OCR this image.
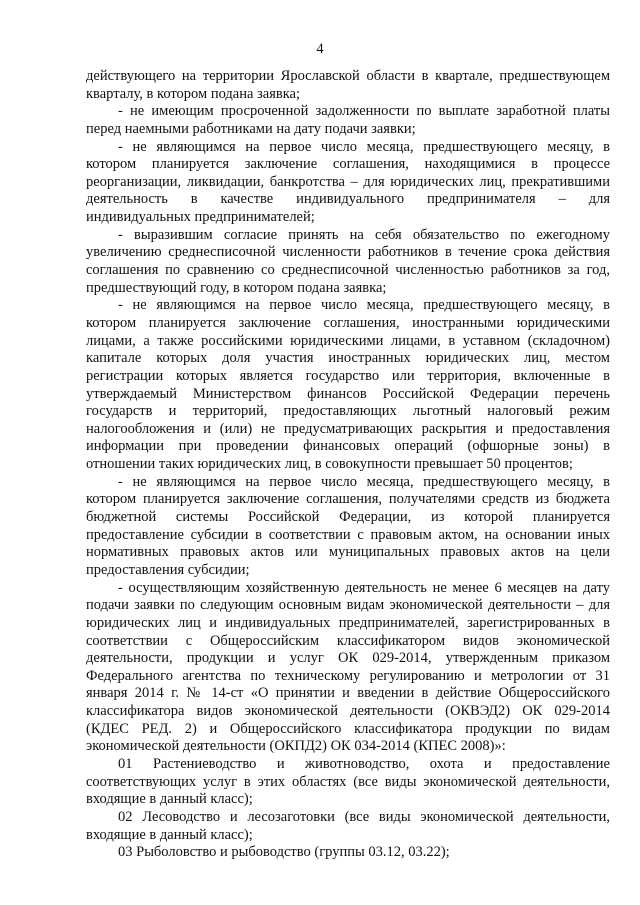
4
действующего на территории Ярославской области в квартале, предшествующем
кварталу, в котором подана заявка;
- не имеющим просроченной задолженности по выплате заработной платы
перед наемными работниками на дату подачи заявки;
- не являющимся на первое число месяца, предшествующего месяцу, в
котором планируется заключение соглашения, находящимися в процессе
реорганизации, ликвидации, банкротства – для юридических лиц, прекратившими
деятельность в качестве индивидуального предпринимателя – для
индивидуальных предпринимателей;
- выразившим согласие принять на себя обязательство по ежегодному
увеличению среднесписочной численности работников в течение срока действия
соглашения по сравнению со среднесписочной численностью работников за год,
предшествующий году, в котором подана заявка;
- не являющимся на первое число месяца, предшествующего месяцу, в
котором планируется заключение соглашения, иностранными юридическими
лицами, а также российскими юридическими лицами, в уставном (складочном)
капитале которых доля участия иностранных юридических лиц, местом
регистрации которых является государство или территория, включенные в
утверждаемый Министерством финансов Российской Федерации перечень
государств и территорий, предоставляющих льготный налоговый режим
налогообложения и (или) не предусматривающих раскрытия и предоставления
информации при проведении финансовых операций (офшорные зоны) в
отношении таких юридических лиц, в совокупности превышает 50 процентов;
- не являющимся на первое число месяца, предшествующего месяцу, в
котором планируется заключение соглашения, получателями средств из бюджета
бюджетной системы Российской Федерации, из которой планируется
предоставление субсидии в соответствии с правовым актом, на основании иных
нормативных правовых актов или муниципальных правовых актов на цели
предоставления субсидии;
- осуществляющим хозяйственную деятельность не менее 6 месяцев на дату
подачи заявки по следующим основным видам экономической деятельности – для
юридических лиц и индивидуальных предпринимателей, зарегистрированных в
соответствии с Общероссийским классификатором видов экономической
деятельности, продукции и услуг ОК 029-2014, утвержденным приказом
Федерального агентства по техническому регулированию и метрологии от 31
января 2014 г. № 14-ст «О принятии и введении в действие Общероссийского
классификатора видов экономической деятельности (ОКВЭД2) ОК 029-2014
(КДЕС РЕД. 2) и Общероссийского классификатора продукции по видам
экономической деятельности (ОКПД2) ОК 034-2014 (КПЕС 2008)»:
01 Растениеводство и животноводство, охота и предоставление
соответствующих услуг в этих областях (все виды экономической деятельности,
входящие в данный класс);
02 Лесоводство и лесозаготовки (все виды экономической деятельности,
входящие в данный класс);
03 Рыболовство и рыбоводство (группы 03.12, 03.22);
